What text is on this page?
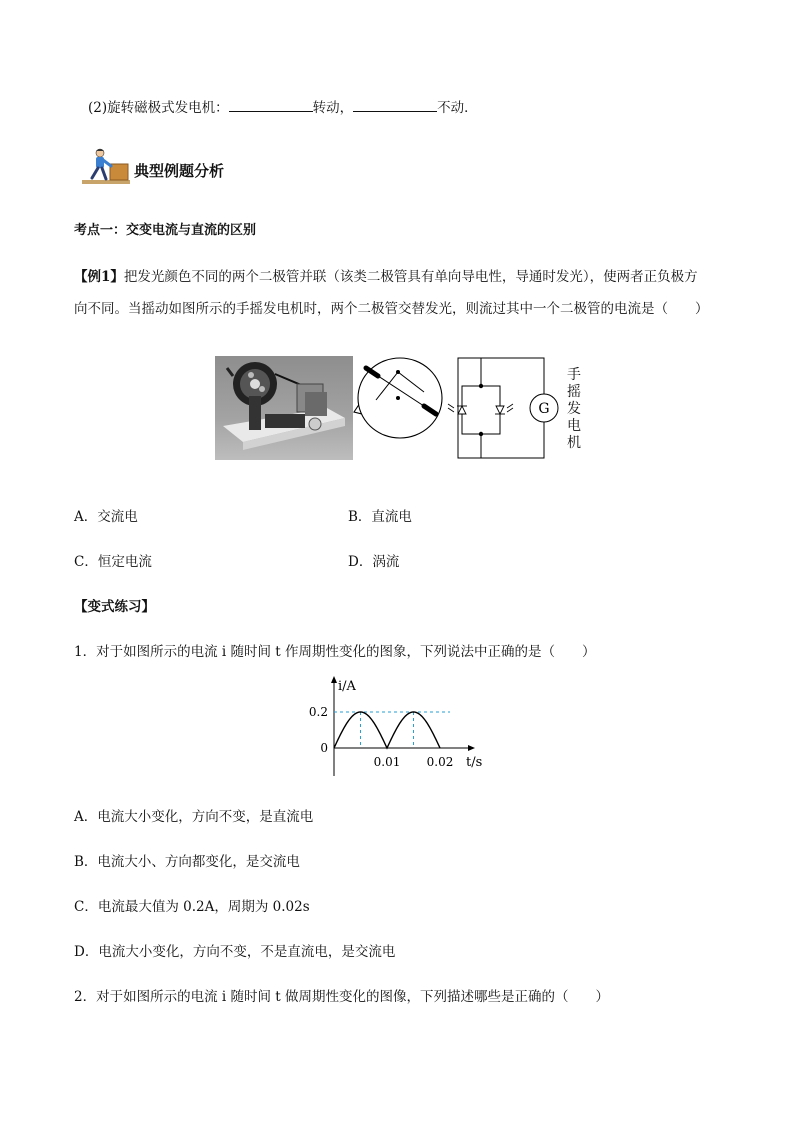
(2)旋转磁极式发电机：	转动，	不动．
典型例题分析
考点一：交变电流与直流的区别
【例1】把发光颜色不同的两个二极管并联（该类二极管具有单向导电性，导通时发光），使两者正负极方
向不同。当摇动如图所示的手摇发电机时，两个二极管交替发光，则流过其中一个二极管的电流是（　　）
G
手
摇
发
电
机
A．交流电	B．直流电
C．恒定电流	D．涡流
【变式练习】
1．对于如图所示的电流 i 随时间 t 作周期性变化的图象，下列说法中正确的是（　　）
i/A
t/s
0
0.2
0.01 0.02
A．电流大小变化，方向不变，是直流电
B．电流大小、方向都变化，是交流电
C．电流最大值为 0.2A，周期为 0.02s
D．电流大小变化，方向不变，不是直流电，是交流电
2．对于如图所示的电流 i 随时间 t 做周期性变化的图像，下列描述哪些是正确的（　　）
